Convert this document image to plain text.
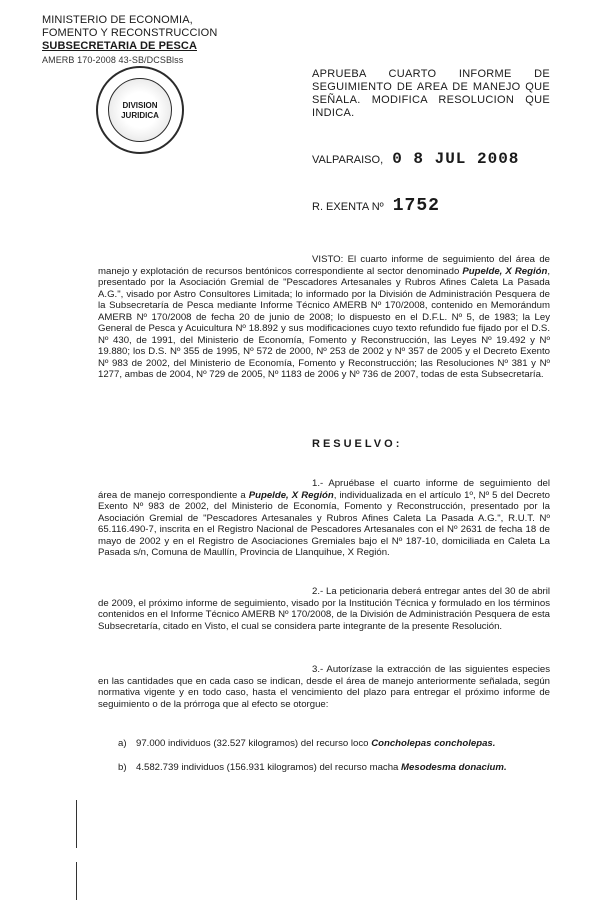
MINISTERIO DE ECONOMIA,
FOMENTO Y RECONSTRUCCION
SUBSECRETARIA DE PESCA
AMERB 170-2008 43-SB/DCSBlss
DIVISION
JURIDICA
APRUEBA CUARTO INFORME DE SEGUIMIENTO DE AREA DE MANEJO QUE SEÑALA. MODIFICA RESOLUCION QUE INDICA.
VALPARAISO, 0 8 JUL 2008
R. EXENTA Nº 1752
VISTO: El cuarto informe de seguimiento del área de manejo y explotación de recursos bentónicos correspondiente al sector denominado Pupelde, X Región, presentado por la Asociación Gremial de "Pescadores Artesanales y Rubros Afines Caleta La Pasada A.G.", visado por Astro Consultores Limitada; lo informado por la División de Administración Pesquera de la Subsecretaría de Pesca mediante Informe Técnico AMERB Nº 170/2008, contenido en Memorándum AMERB Nº 170/2008 de fecha 20 de junio de 2008; lo dispuesto en el D.F.L. Nº 5, de 1983; la Ley General de Pesca y Acuicultura Nº 18.892 y sus modificaciones cuyo texto refundido fue fijado por el D.S. Nº 430, de 1991, del Ministerio de Economía, Fomento y Reconstrucción, las Leyes Nº 19.492 y Nº 19.880; los D.S. Nº 355 de 1995, Nº 572 de 2000, Nº 253 de 2002 y Nº 357 de 2005 y el Decreto Exento Nº 983 de 2002, del Ministerio de Economía, Fomento y Reconstrucción; las Resoluciones Nº 381 y Nº 1277, ambas de 2004, Nº 729 de 2005, Nº 1183 de 2006 y Nº 736 de 2007, todas de esta Subsecretaría.
RESUELVO:
1.- Apruébase el cuarto informe de seguimiento del área de manejo correspondiente a Pupelde, X Región, individualizada en el artículo 1º, Nº 5 del Decreto Exento Nº 983 de 2002, del Ministerio de Economía, Fomento y Reconstrucción, presentado por la Asociación Gremial de "Pescadores Artesanales y Rubros Afines Caleta La Pasada A.G.", R.U.T. Nº 65.116.490-7, inscrita en el Registro Nacional de Pescadores Artesanales con el Nº 2631 de fecha 18 de mayo de 2002 y en el Registro de Asociaciones Gremiales bajo el Nº 187-10, domiciliada en Caleta La Pasada s/n, Comuna de Maullín, Provincia de Llanquihue, X Región.
2.- La peticionaria deberá entregar antes del 30 de abril de 2009, el próximo informe de seguimiento, visado por la Institución Técnica y formulado en los términos contenidos en el Informe Técnico AMERB Nº 170/2008, de la División de Administración Pesquera de esta Subsecretaría, citado en Visto, el cual se considera parte integrante de la presente Resolución.
3.- Autorízase la extracción de las siguientes especies en las cantidades que en cada caso se indican, desde el área de manejo anteriormente señalada, según normativa vigente y en todo caso, hasta el vencimiento del plazo para entregar el próximo informe de seguimiento o de la prórroga que al efecto se otorgue:
a) 97.000 individuos (32.527 kilogramos) del recurso loco Concholepas concholepas.
b) 4.582.739 individuos (156.931 kilogramos) del recurso macha Mesodesma donacium.
